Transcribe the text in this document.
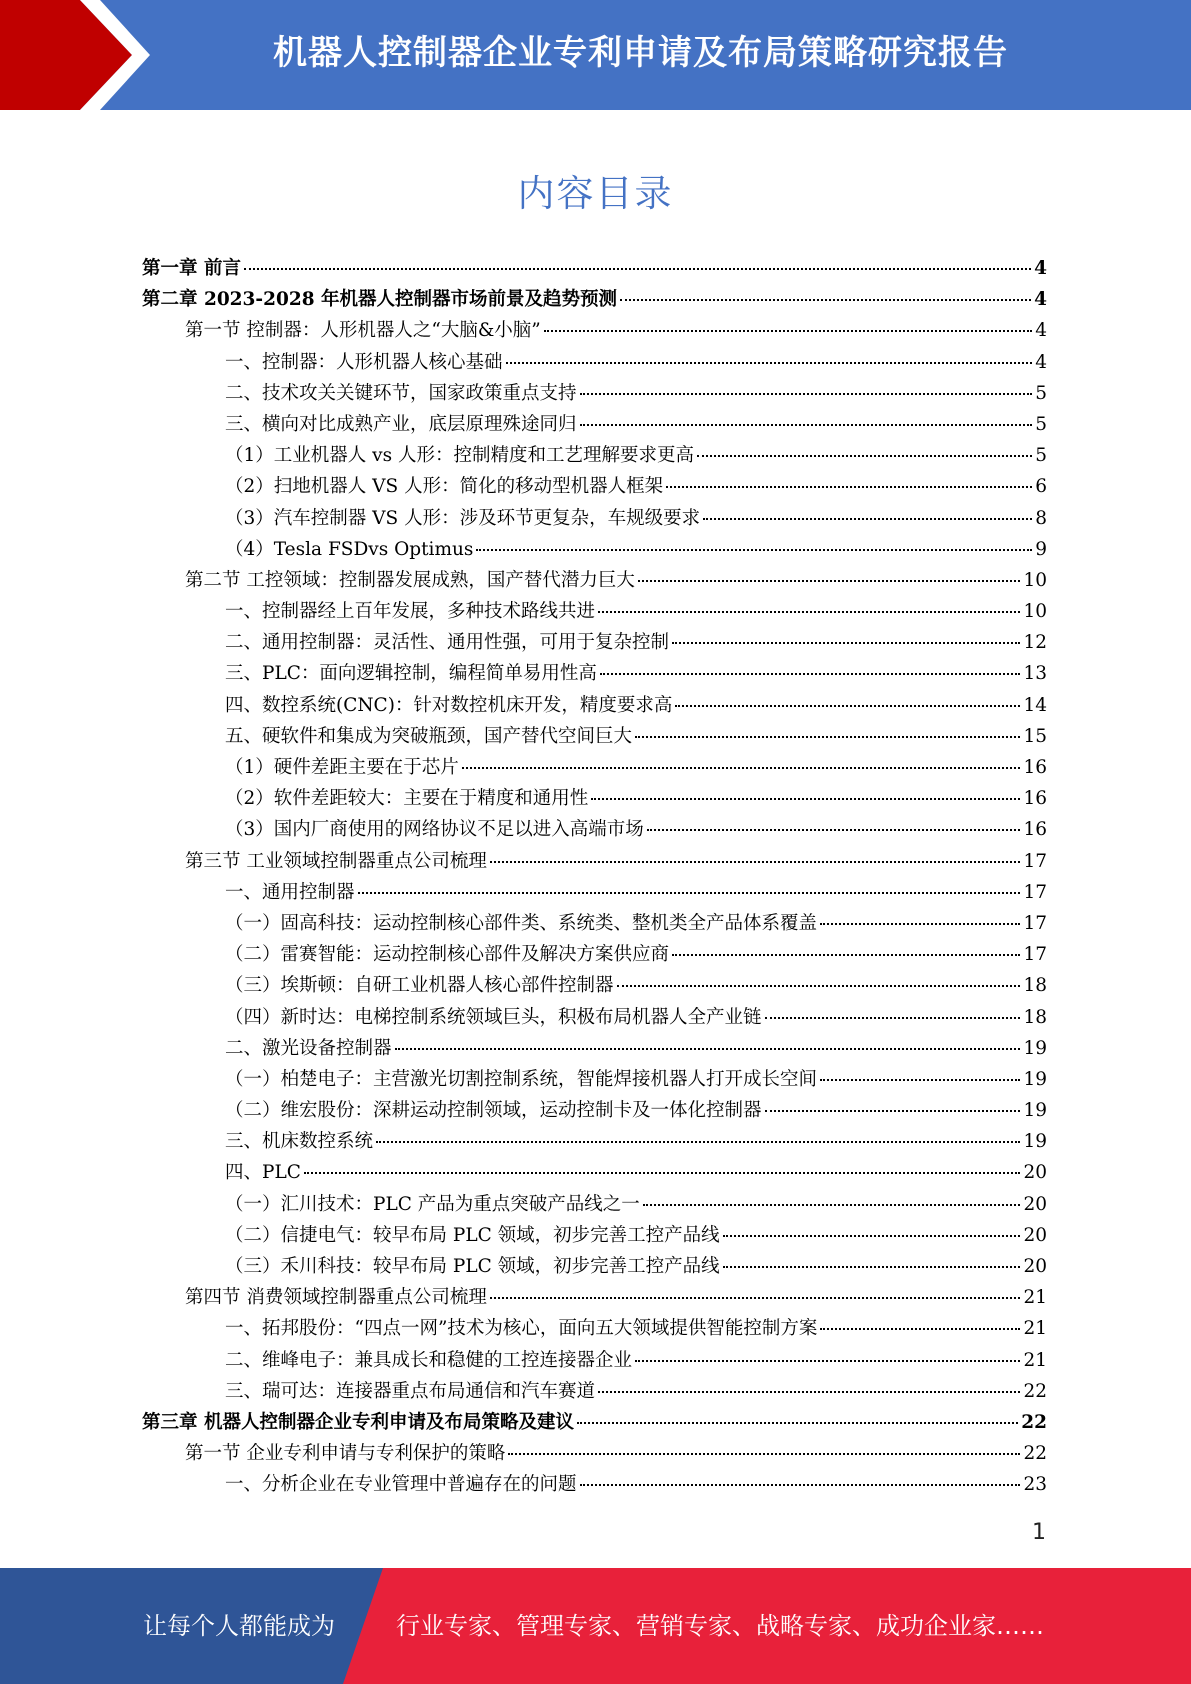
机器人控制器企业专利申请及布局策略研究报告
内容目录
第一章 前言	4
第二章 2023-2028 年机器人控制器市场前景及趋势预测	4
第一节 控制器：人形机器人之“大脑&小脑”	4
一、控制器：人形机器人核心基础	4
二、技术攻关关键环节，国家政策重点支持	5
三、横向对比成熟产业，底层原理殊途同归	5
（1）工业机器人 vs 人形：控制精度和工艺理解要求更高	5
（2）扫地机器人 VS 人形：简化的移动型机器人框架	6
（3）汽车控制器 VS 人形：涉及环节更复杂，车规级要求	8
（4）Tesla FSDvs Optimus	9
第二节 工控领域：控制器发展成熟，国产替代潜力巨大	10
一、控制器经上百年发展，多种技术路线共进	10
二、通用控制器：灵活性、通用性强，可用于复杂控制	12
三、PLC：面向逻辑控制，编程简单易用性高	13
四、数控系统(CNC)：针对数控机床开发，精度要求高	14
五、硬软件和集成为突破瓶颈，国产替代空间巨大	15
（1）硬件差距主要在于芯片	16
（2）软件差距较大：主要在于精度和通用性	16
（3）国内厂商使用的网络协议不足以进入高端市场	16
第三节 工业领域控制器重点公司梳理	17
一、通用控制器	17
（一）固高科技：运动控制核心部件类、系统类、整机类全产品体系覆盖	17
（二）雷赛智能：运动控制核心部件及解决方案供应商	17
（三）埃斯顿：自研工业机器人核心部件控制器	18
（四）新时达：电梯控制系统领域巨头，积极布局机器人全产业链	18
二、激光设备控制器	19
（一）柏楚电子：主营激光切割控制系统，智能焊接机器人打开成长空间	19
（二）维宏股份：深耕运动控制领域，运动控制卡及一体化控制器	19
三、机床数控系统	19
四、PLC	20
（一）汇川技术：PLC 产品为重点突破产品线之一	20
（二）信捷电气：较早布局 PLC 领域，初步完善工控产品线	20
（三）禾川科技：较早布局 PLC 领域，初步完善工控产品线	20
第四节 消费领域控制器重点公司梳理	21
一、拓邦股份：“四点一网”技术为核心，面向五大领域提供智能控制方案	21
二、维峰电子：兼具成长和稳健的工控连接器企业	21
三、瑞可达：连接器重点布局通信和汽车赛道	22
第三章 机器人控制器企业专利申请及布局策略及建议	22
第一节 企业专利申请与专利保护的策略	22
一、分析企业在专业管理中普遍存在的问题	23
1
让每个人都能成为	行业专家、管理专家、营销专家、战略专家、成功企业家……
